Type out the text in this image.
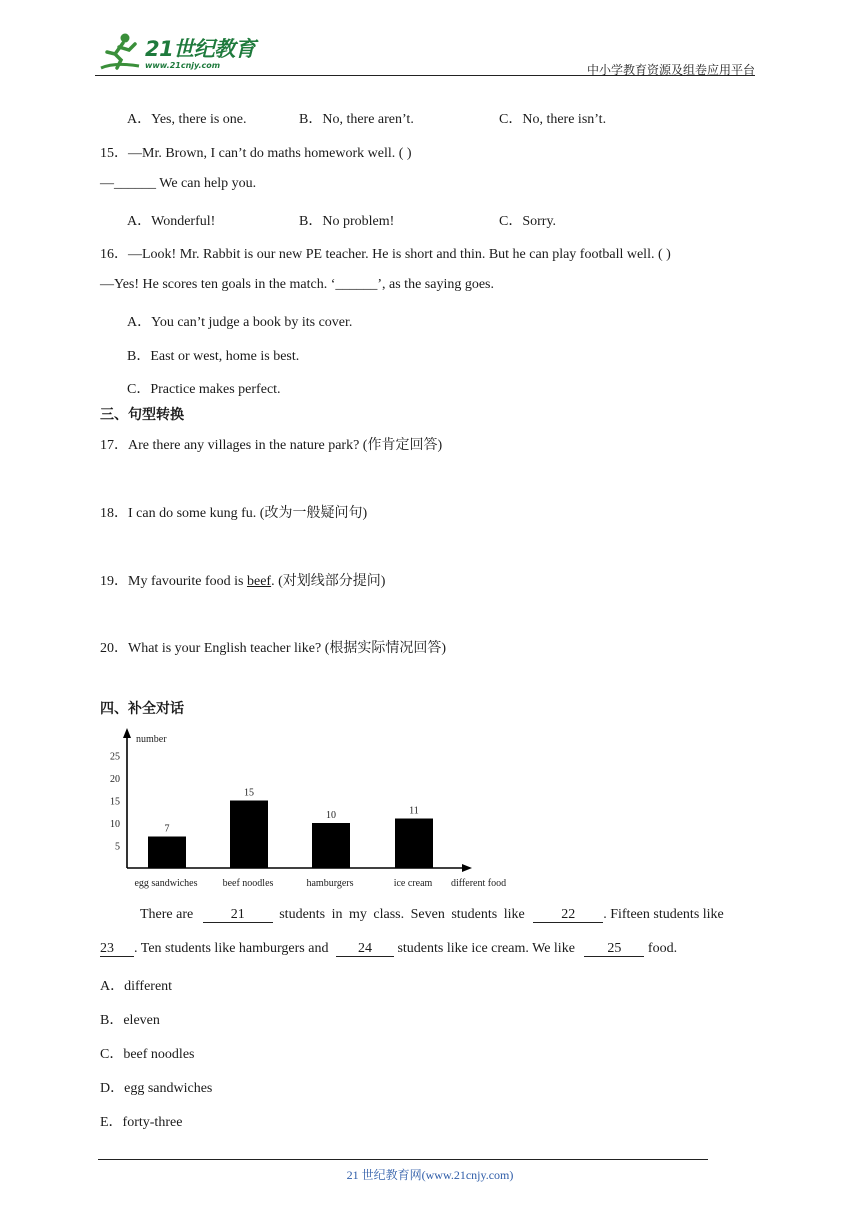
21世纪教育
www.21cnjy.com	中小学教育资源及组卷应用平台
A．Yes, there is one.	B．No, there aren’t.	C．No, there isn’t.
15．—Mr. Brown, I can’t do maths homework well. ( )
—______ We can help you.
A．Wonderful!	B．No problem!	C．Sorry.
16．—Look! Mr. Rabbit is our new PE teacher. He is short and thin. But he can play football well. ( )
—Yes! He scores ten goals in the match. ‘______’, as the saying goes.
A．You can’t judge a book by its cover.
B．East or west, home is best.
C．Practice makes perfect.
三、句型转换
17．Are there any villages in the nature park? (作肯定回答)
18．I can do some kung fu. (改为一般疑问句)
19．My favourite food is beef. (对划线部分提问)
20．What is your English teacher like? (根据实际情况回答)
四、补全对话
number
different food
5
10
15
20
25
7
egg sandwiches
15
beef noodles
10
hamburgers
11
ice cream
There are 21 students in my class. Seven students like 22 . Fifteen students like
23 . Ten students like hamburgers and 24 students like ice cream. We like 25 food.
A．different
B．eleven
C．beef noodles
D．egg sandwiches
E．forty-three
21 世纪教育网(www.21cnjy.com)
